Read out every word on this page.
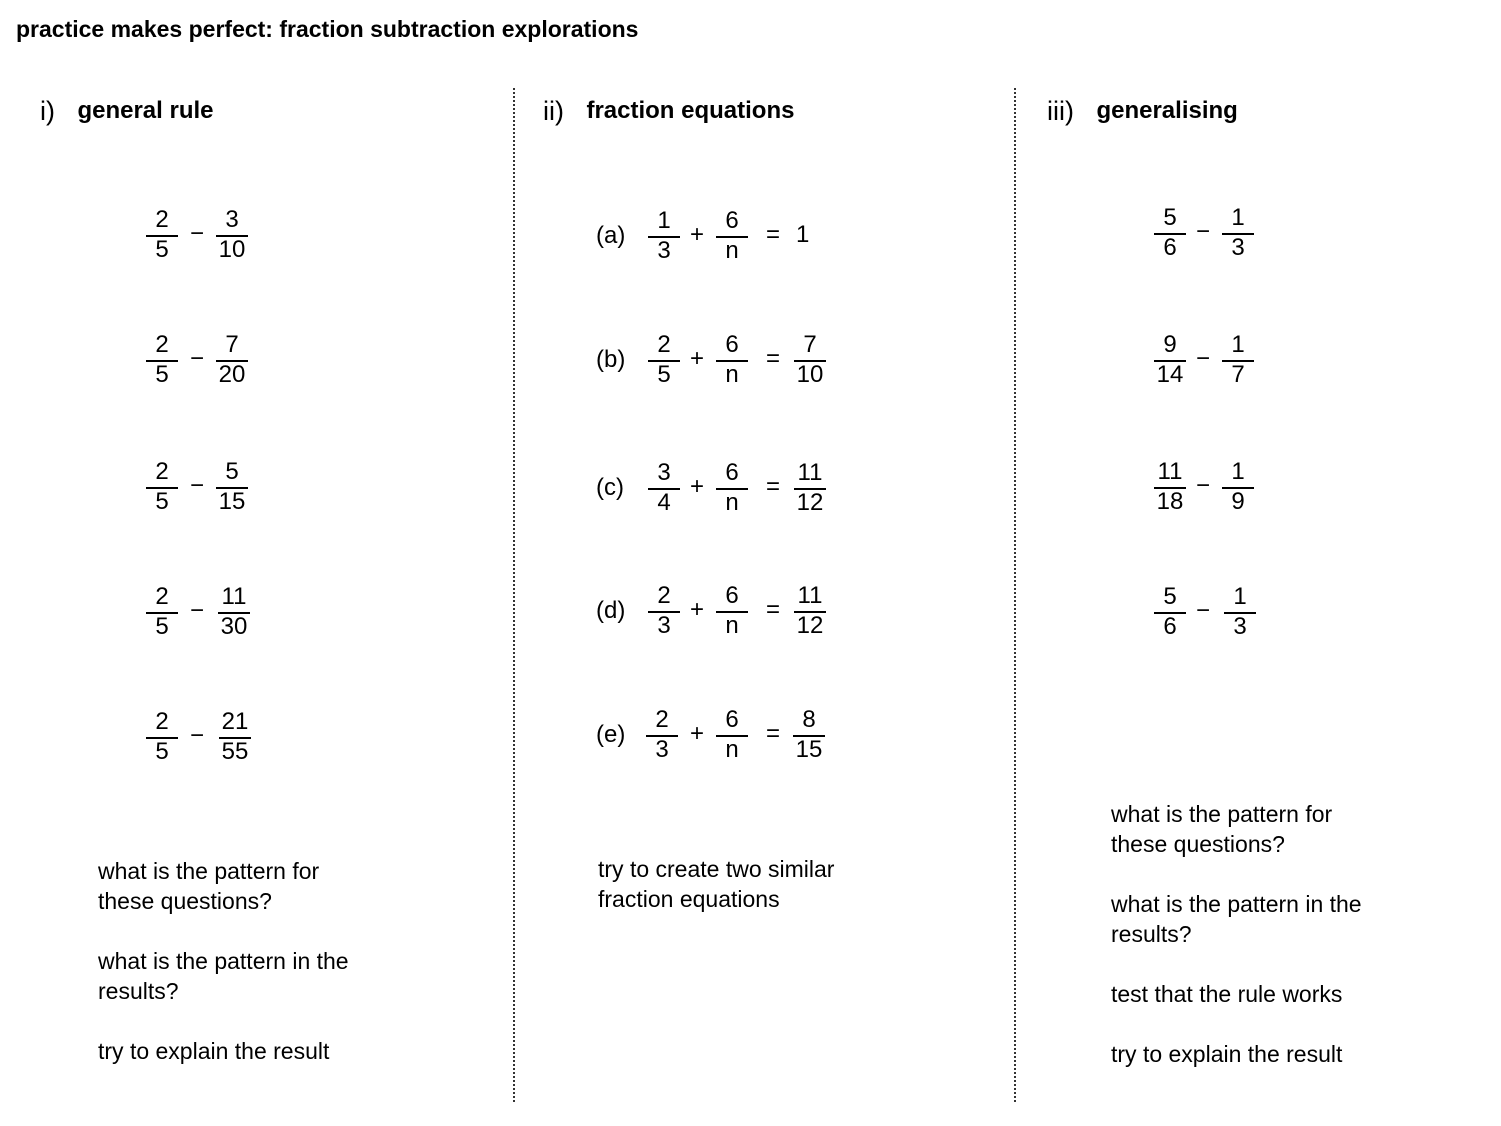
practice makes perfect: fraction subtraction explorations
i) general rule
2
5
−
3
10
2
5
−
7
20
2
5
−
5
15
2
5
−
11
30
2
5
−
21
55
what is the pattern for
these questions?
what is the pattern in the
results?
try to explain the result
ii) fraction equations
(a)
1
3
+
6
n
= 1
(b)
2
5
+
6
n
=
7
10
(c)
3
4
+
6
n
=
11
12
(d)
2
3
+
6
n
=
11
12
(e)
2
3
+
6
n
=
8
15
try to create two similar
fraction equations
iii) generalising
5
6
−
1
3
9
14
−
1
7
11
18
−
1
9
5
6
−
1
3
what is the pattern for
these questions?
what is the pattern in the
results?
test that the rule works
try to explain the result
